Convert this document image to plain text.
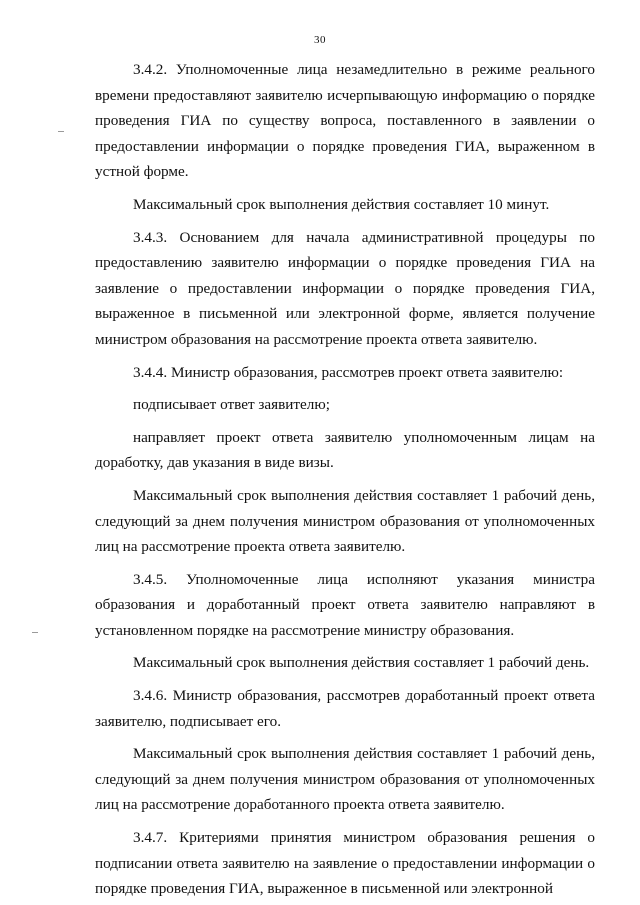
30

3.4.2. Уполномоченные лица незамедлительно в режиме реального времени предоставляют заявителю исчерпывающую информацию о порядке проведения ГИА по существу вопроса, поставленного в заявлении о предоставлении информации о порядке проведения ГИА, выраженном в устной форме.

Максимальный срок выполнения действия составляет 10 минут.

3.4.3. Основанием для начала административной процедуры по предоставлению заявителю информации о порядке проведения ГИА на заявление о предоставлении информации о порядке проведения ГИА, выраженное в письменной или электронной форме, является получение министром образования на рассмотрение проекта ответа заявителю.

3.4.4. Министр образования, рассмотрев проект ответа заявителю:

подписывает ответ заявителю;

направляет проект ответа заявителю уполномоченным лицам на доработку, дав указания в виде визы.

Максимальный срок выполнения действия составляет 1 рабочий день, следующий за днем получения министром образования от уполномоченных лиц на рассмотрение проекта ответа заявителю.

3.4.5. Уполномоченные лица исполняют указания министра образования и доработанный проект ответа заявителю направляют в установленном порядке на рассмотрение министру образования.

Максимальный срок выполнения действия составляет 1 рабочий день.

3.4.6. Министр образования, рассмотрев доработанный проект ответа заявителю, подписывает его.

Максимальный срок выполнения действия составляет 1 рабочий день, следующий за днем получения министром образования от уполномоченных лиц на рассмотрение доработанного проекта ответа заявителю.

3.4.7. Критериями принятия министром образования решения о подписании ответа заявителю на заявление о предоставлении информации о порядке проведения ГИА, выраженное в письменной или электронной
